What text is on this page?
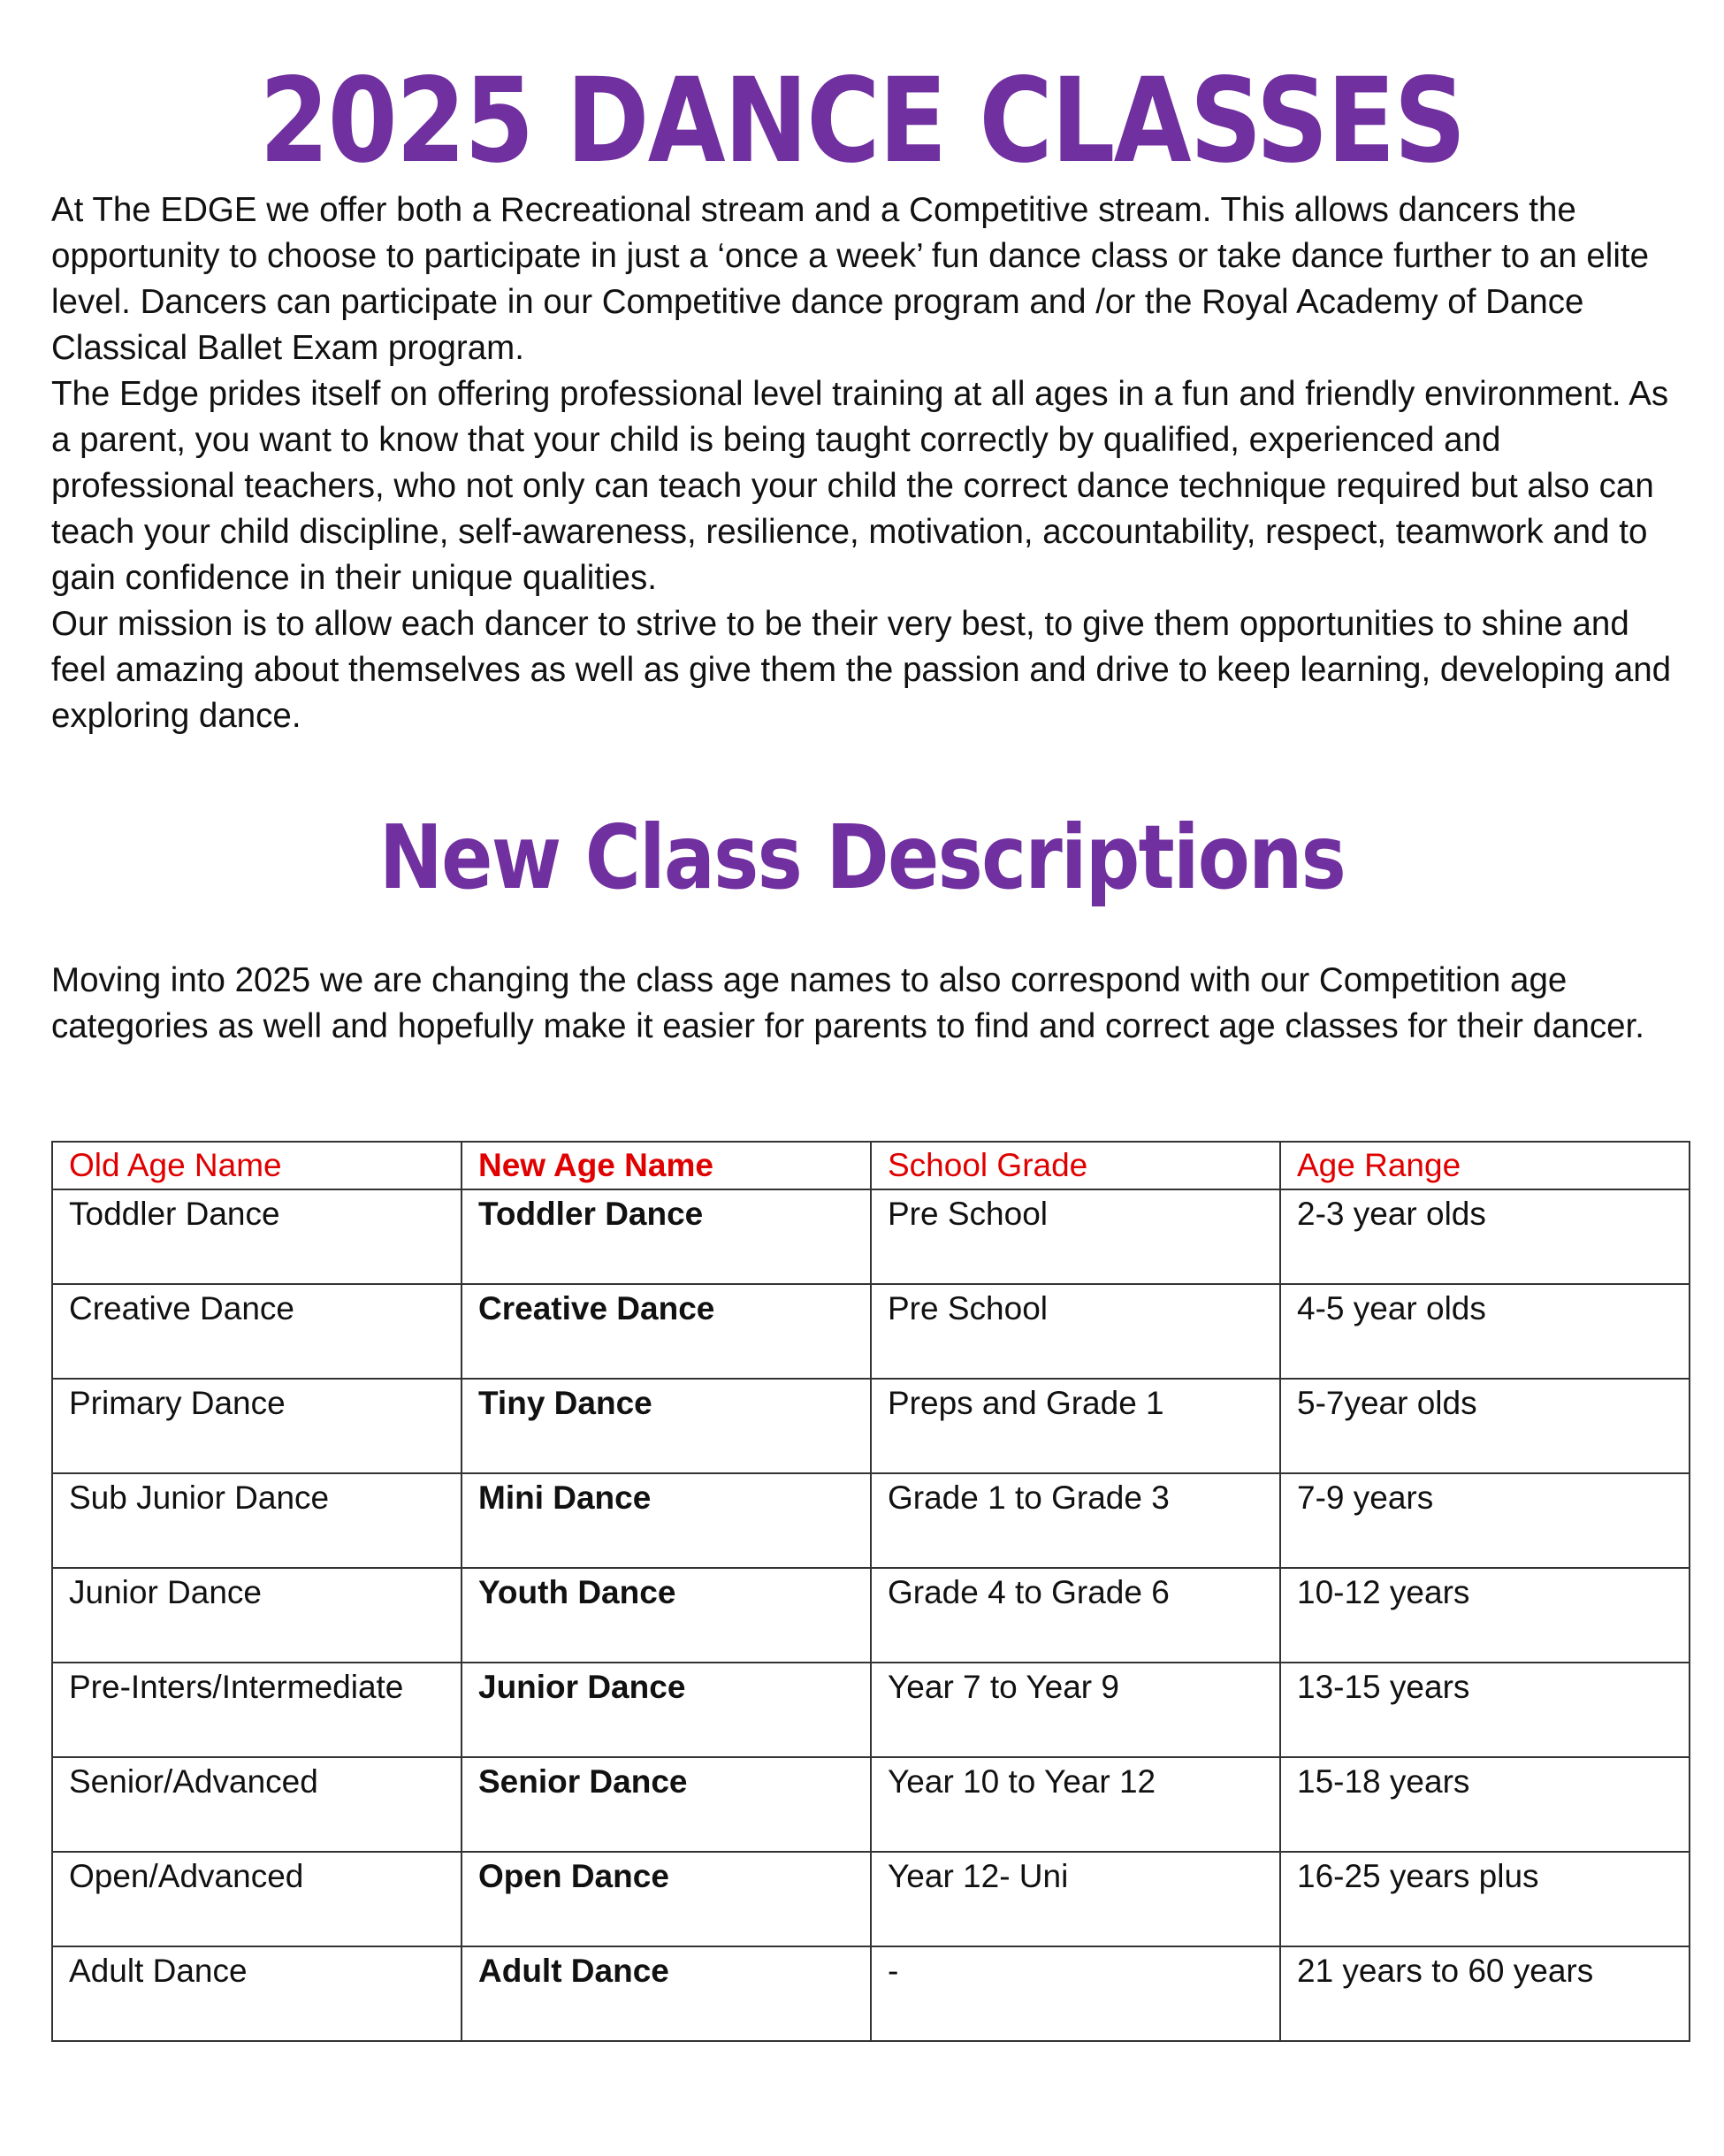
2025 DANCE CLASSES

At The EDGE we offer both a Recreational stream and a Competitive stream. This allows dancers the opportunity to choose to participate in just a ‘once a week’ fun dance class or take dance further to an elite level. Dancers can participate in our Competitive dance program and /or the Royal Academy of Dance Classical Ballet Exam program.

The Edge prides itself on offering professional level training at all ages in a fun and friendly environment. As a parent, you want to know that your child is being taught correctly by qualified, experienced and professional teachers, who not only can teach your child the correct dance technique required but also can teach your child discipline, self-awareness, resilience, motivation, accountability, respect, teamwork and to gain confidence in their unique qualities.

Our mission is to allow each dancer to strive to be their very best, to give them opportunities to shine and feel amazing about themselves as well as give them the passion and drive to keep learning, developing and exploring dance.

New Class Descriptions

Moving into 2025 we are changing the class age names to also correspond with our Competition age categories as well and hopefully make it easier for parents to find and correct age classes for their dancer.

Old Age Name	New Age Name	School Grade	Age Range
Toddler Dance	Toddler Dance	Pre School	2-3 year olds
Creative Dance	Creative Dance	Pre School	4-5 year olds
Primary Dance	Tiny Dance	Preps and Grade 1	5-7year olds
Sub Junior Dance	Mini Dance	Grade 1 to Grade 3	7-9 years
Junior Dance	Youth Dance	Grade 4 to Grade 6	10-12 years
Pre-Inters/Intermediate	Junior Dance	Year 7 to Year 9	13-15 years
Senior/Advanced	Senior Dance	Year 10 to Year 12	15-18 years
Open/Advanced	Open Dance	Year 12- Uni	16-25 years plus
Adult Dance	Adult Dance	-	21 years to 60 years
